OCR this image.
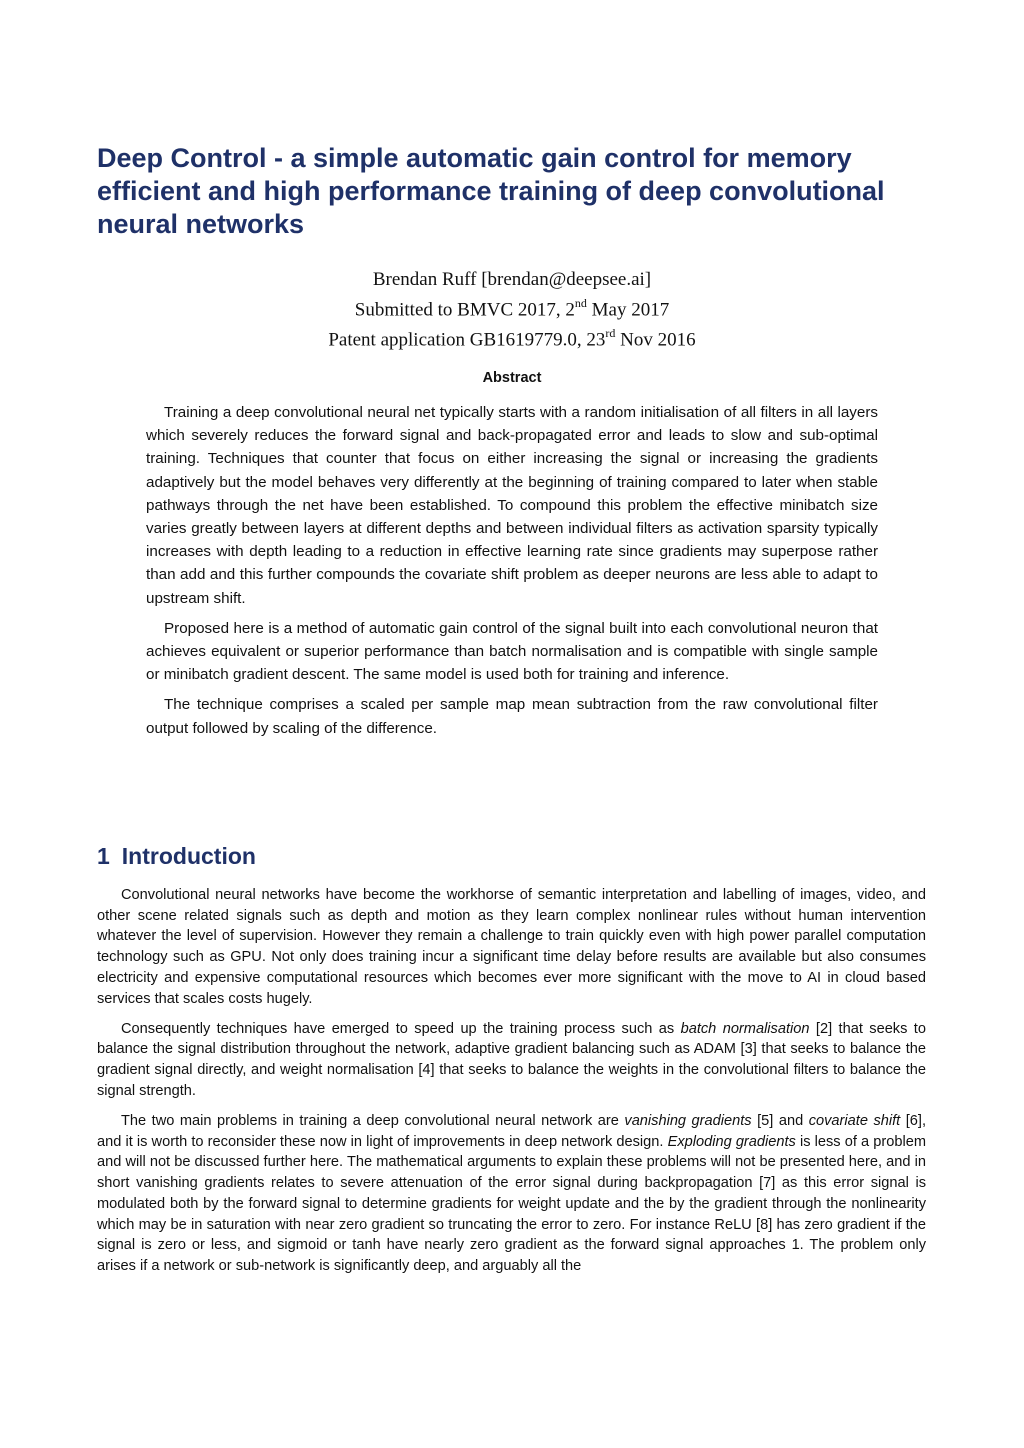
Deep Control - a simple automatic gain control for memory efficient and high performance training of deep convolutional neural networks
Brendan Ruff [brendan@deepsee.ai]
Submitted to BMVC 2017, 2nd May 2017
Patent application GB1619779.0, 23rd Nov 2016
Abstract

Training a deep convolutional neural net typically starts with a random initialisation of all filters in all layers which severely reduces the forward signal and back-propagated error and leads to slow and sub-optimal training. Techniques that counter that focus on either increasing the signal or increasing the gradients adaptively but the model behaves very differently at the beginning of training compared to later when stable pathways through the net have been established. To compound this problem the effective minibatch size varies greatly between layers at different depths and between individual filters as activation sparsity typically increases with depth leading to a reduction in effective learning rate since gradients may superpose rather than add and this further compounds the covariate shift problem as deeper neurons are less able to adapt to upstream shift.

Proposed here is a method of automatic gain control of the signal built into each convolutional neuron that achieves equivalent or superior performance than batch normalisation and is compatible with single sample or minibatch gradient descent. The same model is used both for training and inference.

The technique comprises a scaled per sample map mean subtraction from the raw convolutional filter output followed by scaling of the difference.

1 Introduction

Convolutional neural networks have become the workhorse of semantic interpretation and labelling of images, video, and other scene related signals such as depth and motion as they learn complex nonlinear rules without human intervention whatever the level of supervision. However they remain a challenge to train quickly even with high power parallel computation technology such as GPU. Not only does training incur a significant time delay before results are available but also consumes electricity and expensive computational resources which becomes ever more significant with the move to AI in cloud based services that scales costs hugely.

Consequently techniques have emerged to speed up the training process such as batch normalisation [2] that seeks to balance the signal distribution throughout the network, adaptive gradient balancing such as ADAM [3] that seeks to balance the gradient signal directly, and weight normalisation [4] that seeks to balance the weights in the convolutional filters to balance the signal strength.

The two main problems in training a deep convolutional neural network are vanishing gradients [5] and covariate shift [6], and it is worth to reconsider these now in light of improvements in deep network design. Exploding gradients is less of a problem and will not be discussed further here. The mathematical arguments to explain these problems will not be presented here, and in short vanishing gradients relates to severe attenuation of the error signal during backpropagation [7] as this error signal is modulated both by the forward signal to determine gradients for weight update and the by the gradient through the nonlinearity which may be in saturation with near zero gradient so truncating the error to zero. For instance ReLU [8] has zero gradient if the signal is zero or less, and sigmoid or tanh have nearly zero gradient as the forward signal approaches 1. The problem only arises if a network or sub-network is significantly deep, and arguably all the
